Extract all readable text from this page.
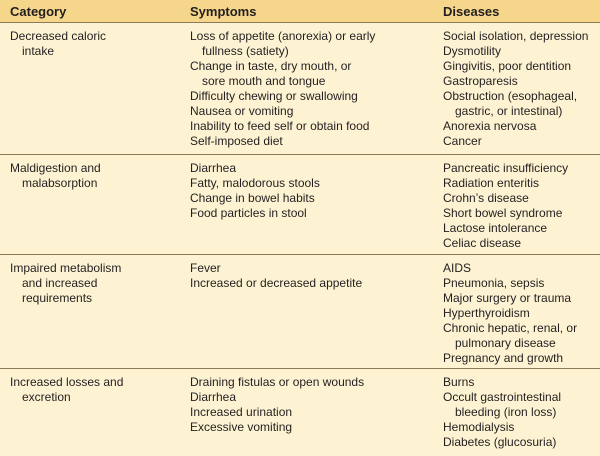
Category	Symptoms	Diseases
Decreased caloric
intake
Loss of appetite (anorexia) or early
fullness (satiety)
Change in taste, dry mouth, or
sore mouth and tongue
Difficulty chewing or swallowing
Nausea or vomiting
Inability to feed self or obtain food
Self-imposed diet
Social isolation, depression
Dysmotility
Gingivitis, poor dentition
Gastroparesis
Obstruction (esophageal,
gastric, or intestinal)
Anorexia nervosa
Cancer
Maldigestion and
malabsorption
Diarrhea
Fatty, malodorous stools
Change in bowel habits
Food particles in stool
Pancreatic insufficiency
Radiation enteritis
Crohn’s disease
Short bowel syndrome
Lactose intolerance
Celiac disease
Impaired metabolism
and increased
requirements
Fever
Increased or decreased appetite
AIDS
Pneumonia, sepsis
Major surgery or trauma
Hyperthyroidism
Chronic hepatic, renal, or
pulmonary disease
Pregnancy and growth
Increased losses and
excretion
Draining fistulas or open wounds
Diarrhea
Increased urination
Excessive vomiting
Burns
Occult gastrointestinal
bleeding (iron loss)
Hemodialysis
Diabetes (glucosuria)
